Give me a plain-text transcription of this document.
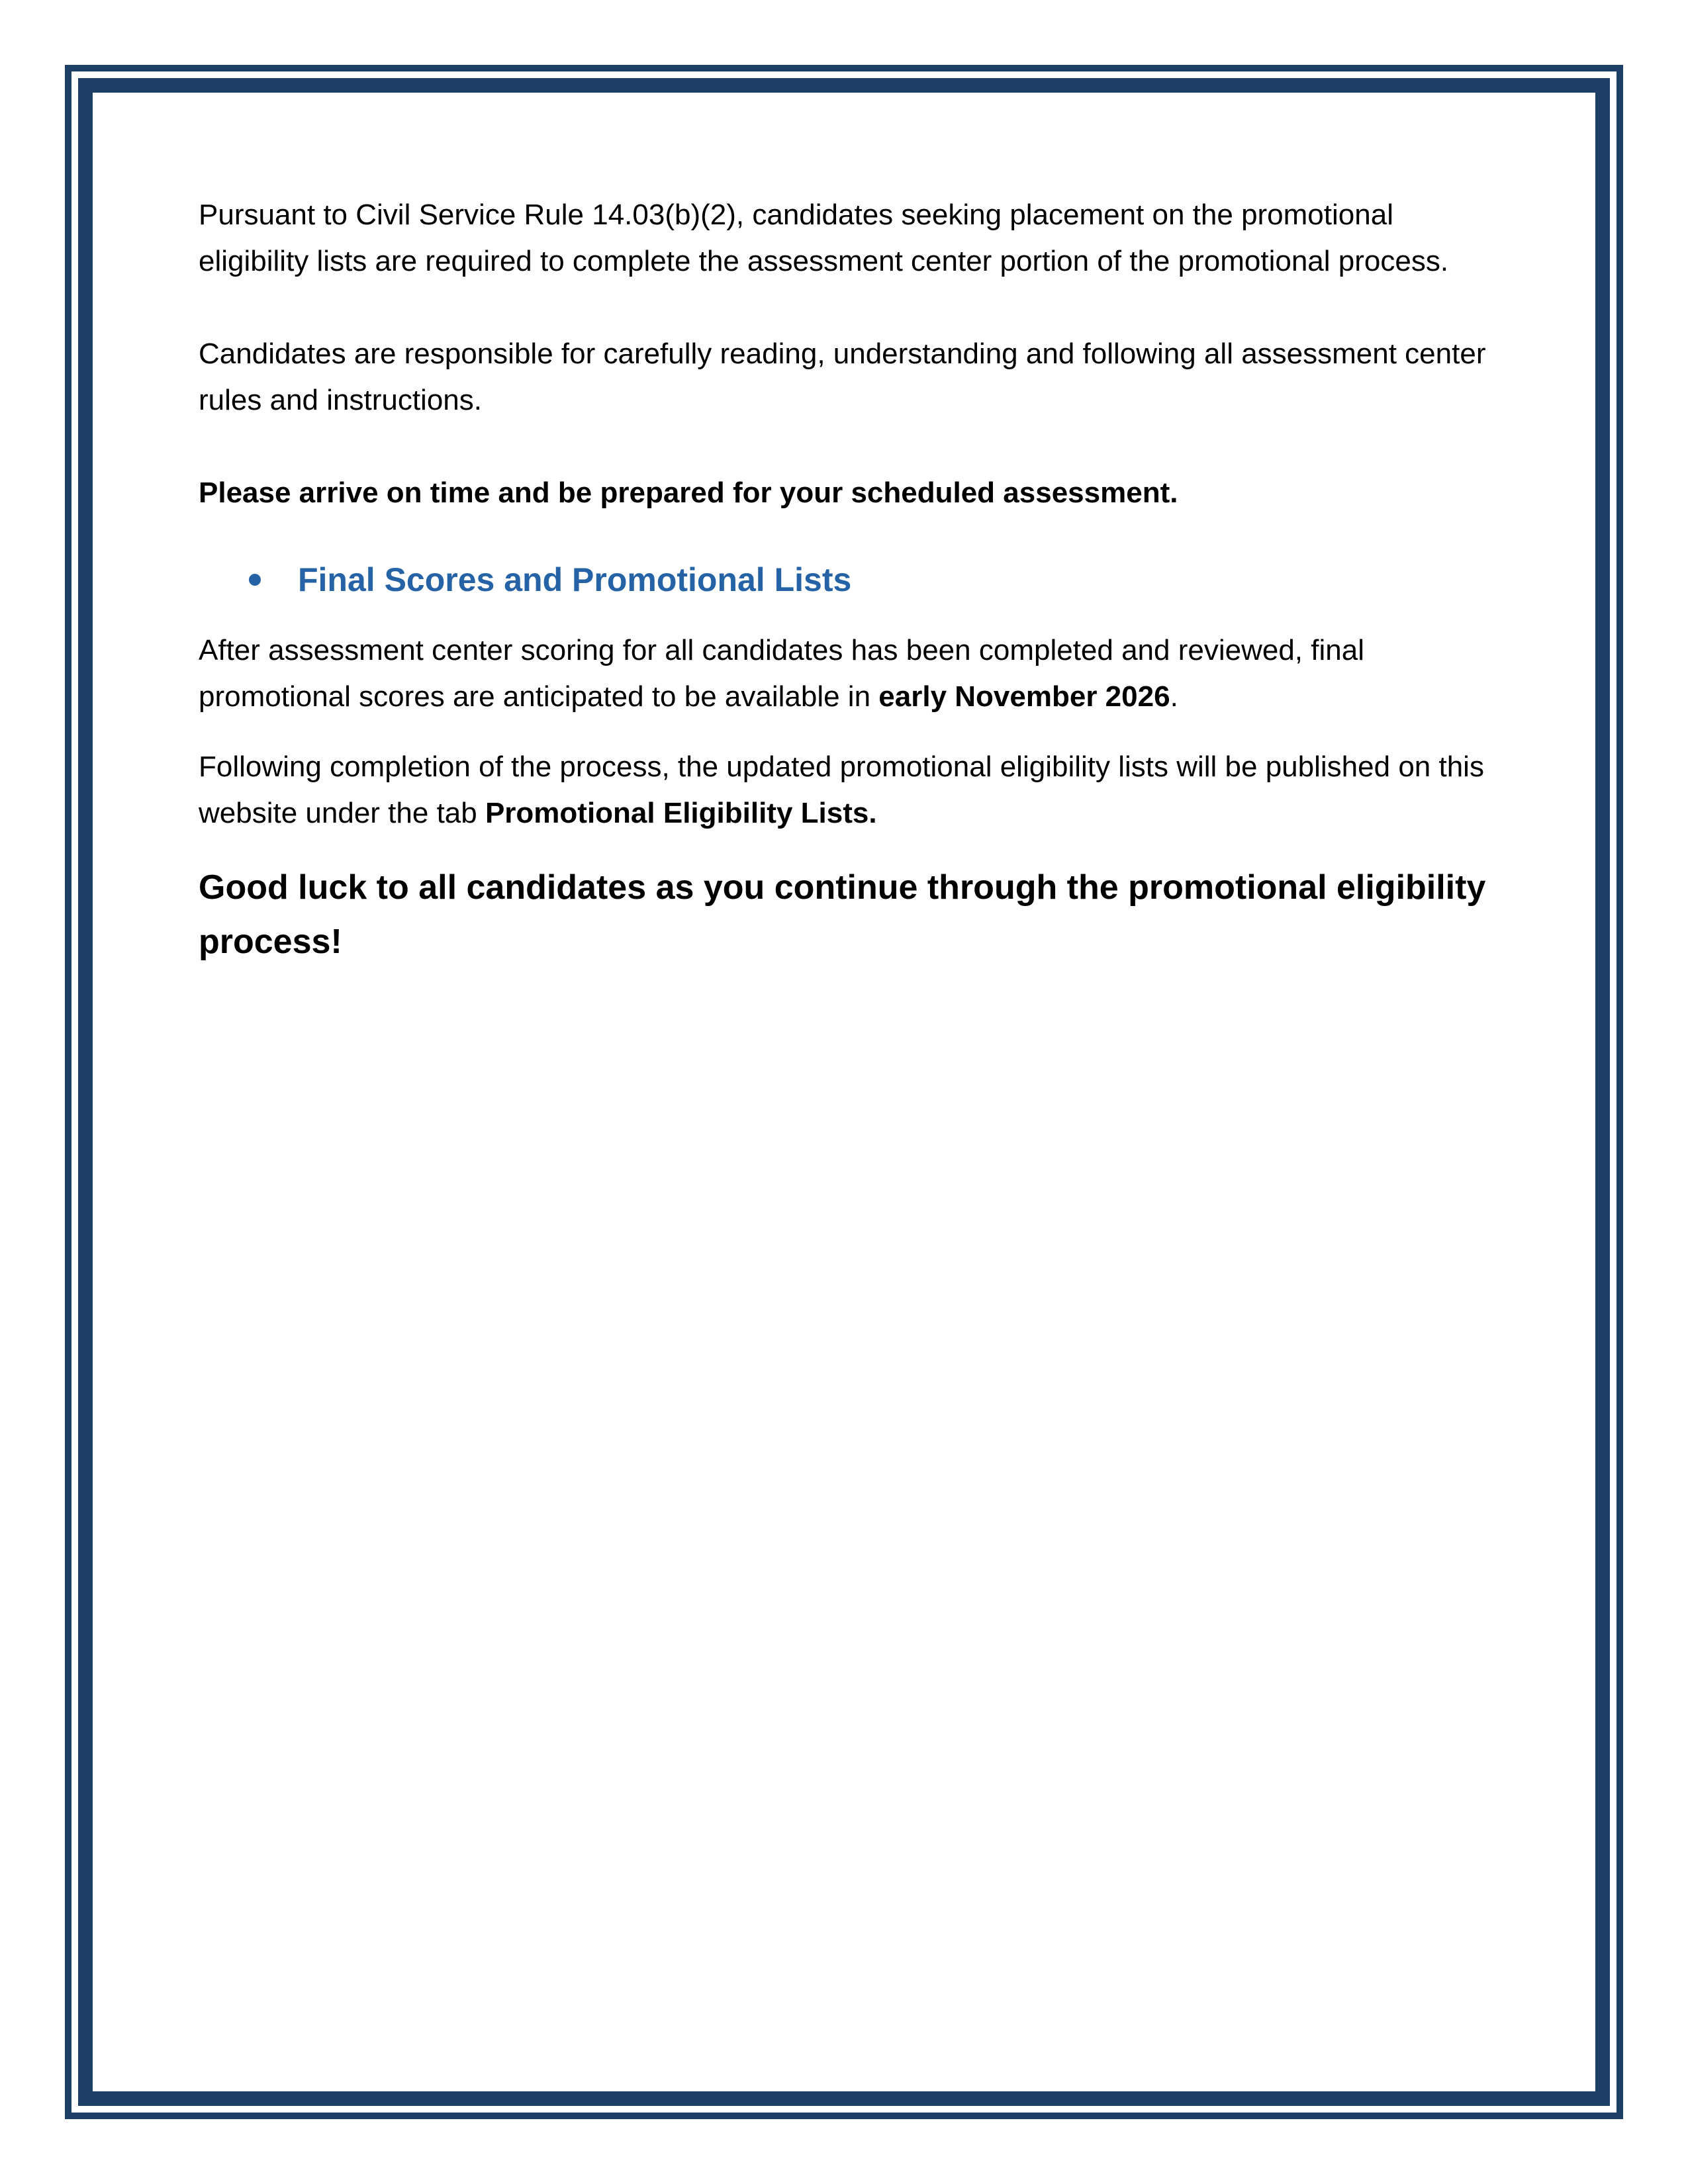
Pursuant to Civil Service Rule 14.03(b)(2), candidates seeking placement on the promotional eligibility lists are required to complete the assessment center portion of the promotional process.

Candidates are responsible for carefully reading, understanding and following all assessment center rules and instructions.

Please arrive on time and be prepared for your scheduled assessment.

Final Scores and Promotional Lists

After assessment center scoring for all candidates has been completed and reviewed, final promotional scores are anticipated to be available in early November 2026.

Following completion of the process, the updated promotional eligibility lists will be published on this website under the tab Promotional Eligibility Lists.

Good luck to all candidates as you continue through the promotional eligibility process!
